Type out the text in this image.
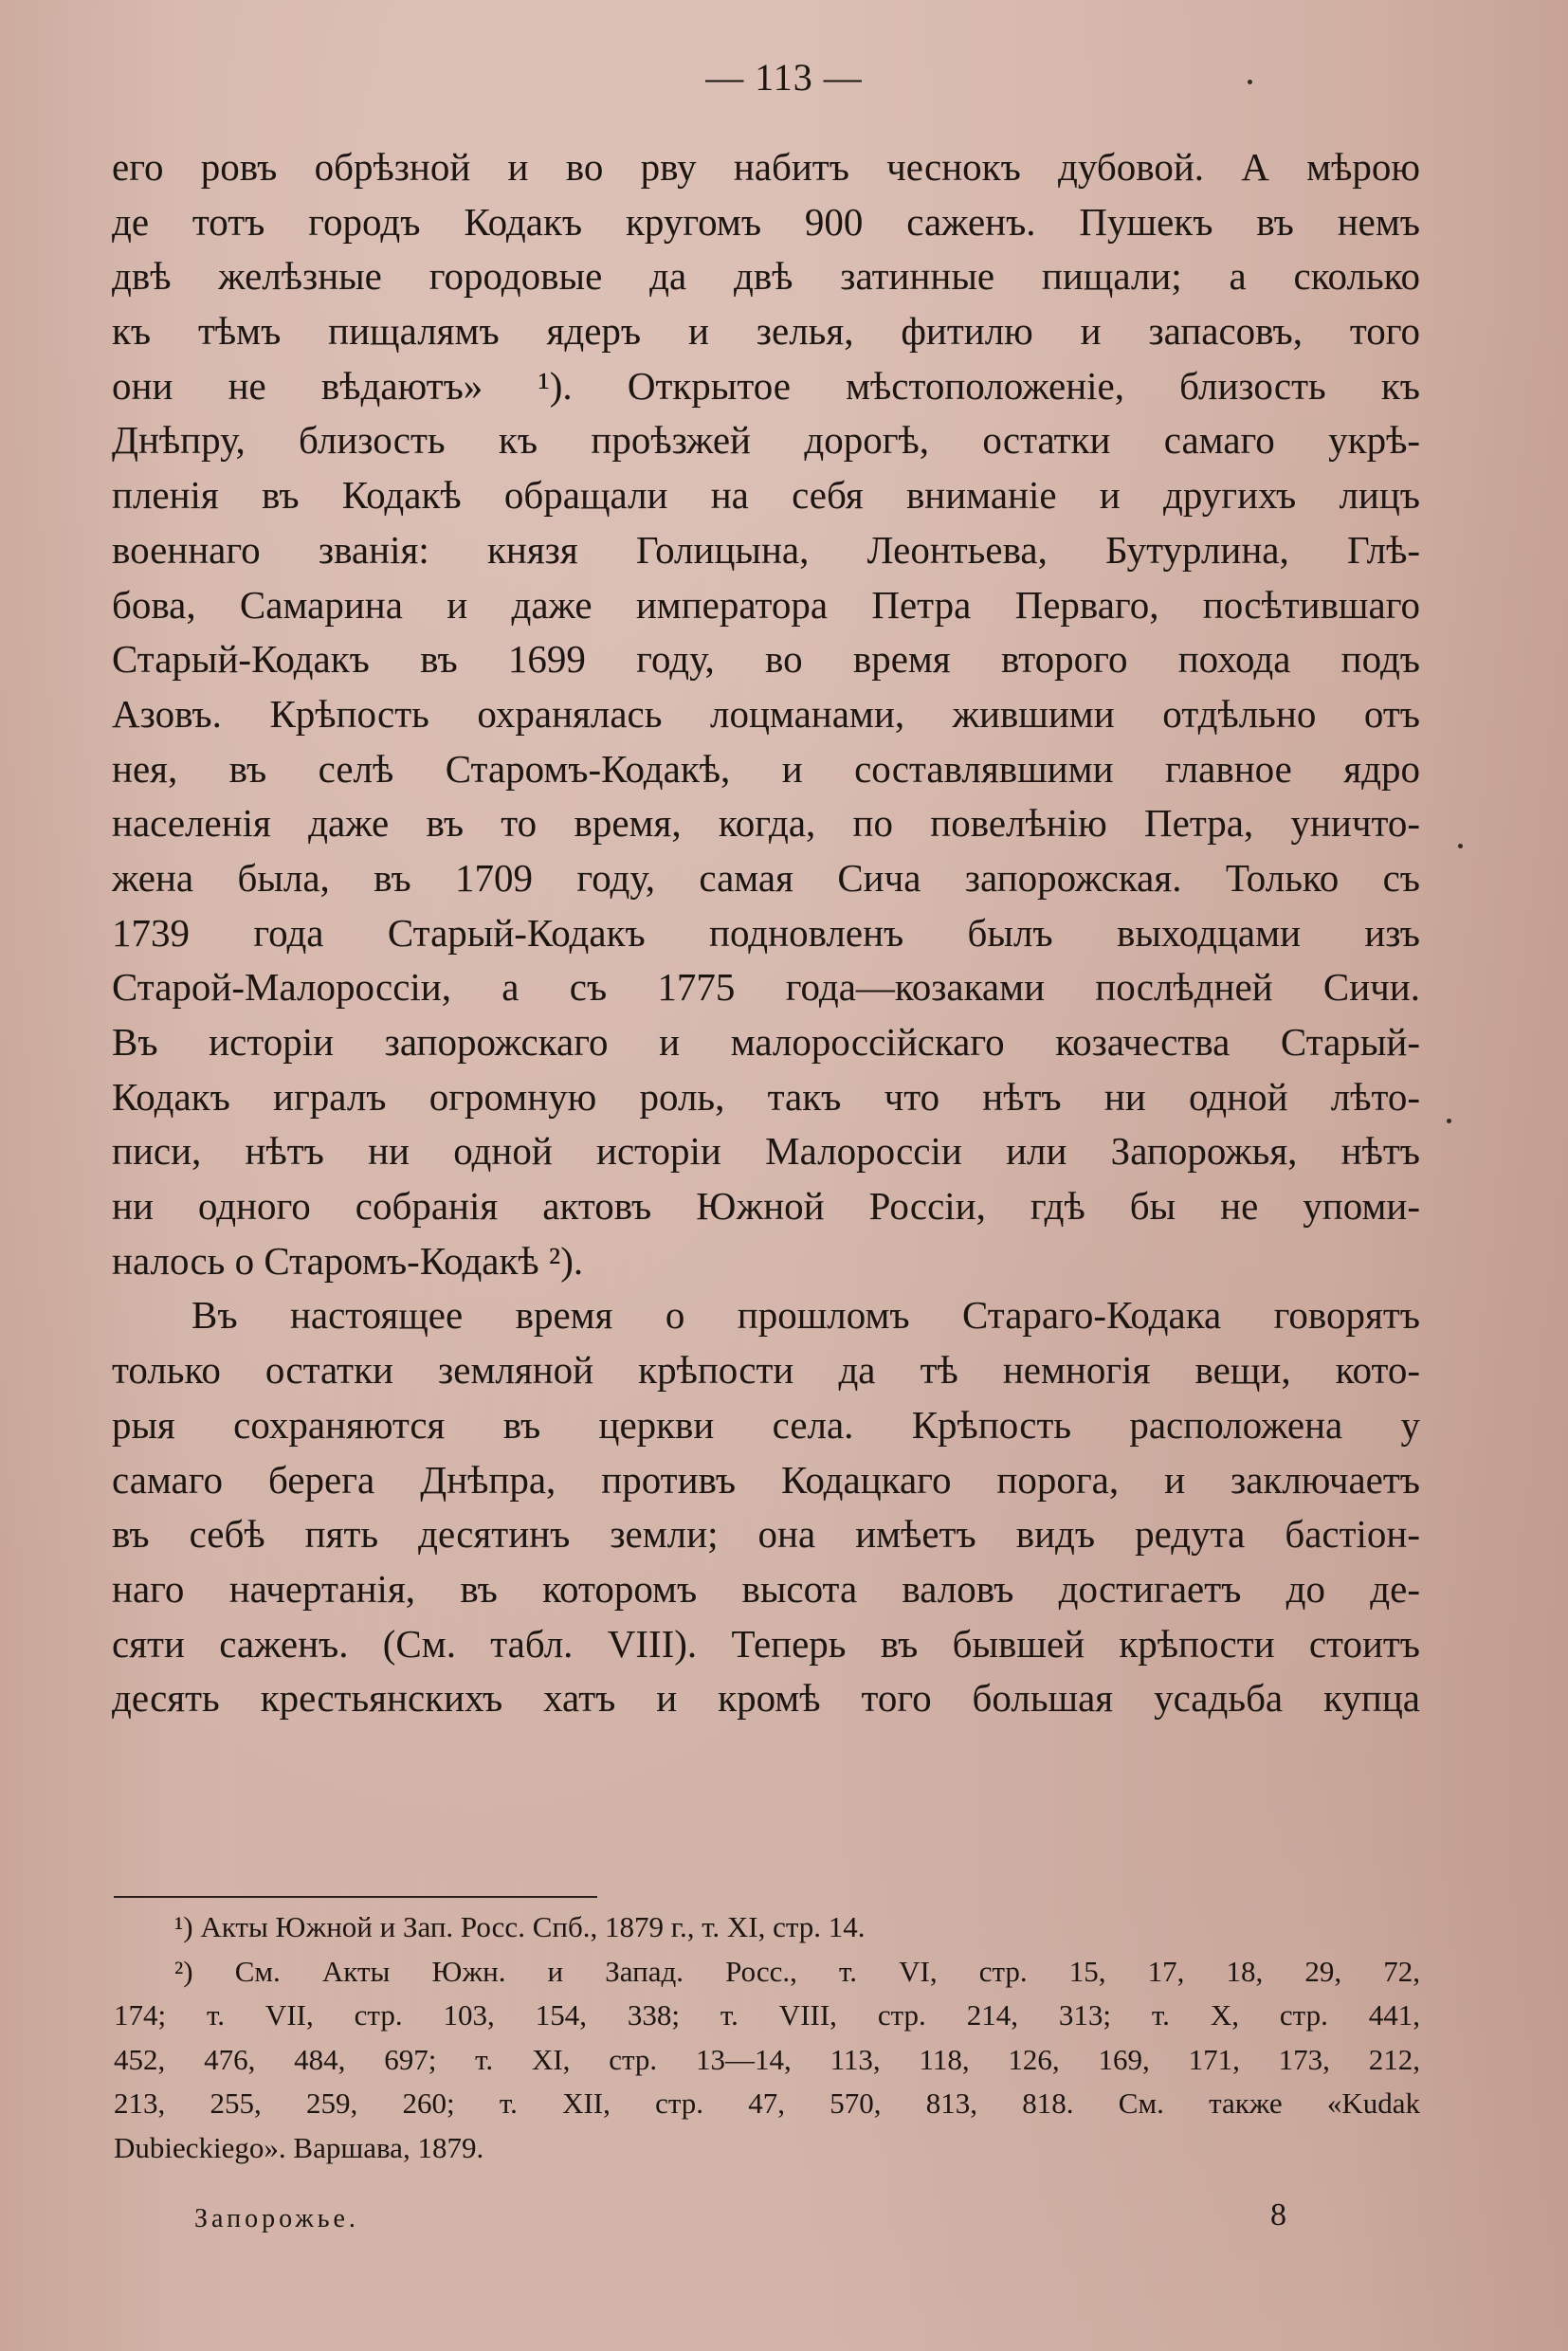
— 113 —
его ровъ обрѣзной и во рву набитъ чеснокъ дубовой. А мѣрою
де тотъ городъ Кодакъ кругомъ 900 саженъ. Пушекъ въ немъ
двѣ желѣзные городовые да двѣ затинные пищали; а сколько
къ тѣмъ пищалямъ ядеръ и зелья, фитилю и запасовъ, того
они не вѣдаютъ» ¹). Открытое мѣстоположеніе, близость къ
Днѣпру, близость къ проѣзжей дорогѣ, остатки самаго укрѣ-
пленія въ Кодакѣ обращали на себя вниманіе и другихъ лицъ
военнаго званія: князя Голицына, Леонтьева, Бутурлина, Глѣ-
бова, Самарина и даже императора Петра Перваго, посѣтившаго
Старый-Кодакъ въ 1699 году, во время второго похода подъ
Азовъ. Крѣпость охранялась лоцманами, жившими отдѣльно отъ
нея, въ селѣ Старомъ-Кодакѣ, и составлявшими главное ядро
населенія даже въ то время, когда, по повелѣнію Петра, уничто-
жена была, въ 1709 году, самая Сича запорожская. Только съ
1739 года Старый-Кодакъ подновленъ былъ выходцами изъ
Старой-Малороссіи, а съ 1775 года—козаками послѣдней Сичи.
Въ исторіи запорожскаго и малороссійскаго козачества Старый-
Кодакъ игралъ огромную роль, такъ что нѣтъ ни одной лѣто-
писи, нѣтъ ни одной исторіи Малороссіи или Запорожья, нѣтъ
ни одного собранія актовъ Южной Россіи, гдѣ бы не упоми-
налось о Старомъ-Кодакѣ ²).
Въ настоящее время о прошломъ Стараго-Кодака говорятъ
только остатки земляной крѣпости да тѣ немногія вещи, кото-
рыя сохраняются въ церкви села. Крѣпость расположена у
самаго берега Днѣпра, противъ Кодацкаго порога, и заключаетъ
въ себѣ пять десятинъ земли; она имѣетъ видъ редута бастіон-
наго начертанія, въ которомъ высота валовъ достигаетъ до де-
сяти саженъ. (См. табл. VIII). Теперь въ бывшей крѣпости стоитъ
десять крестьянскихъ хатъ и кромѣ того большая усадьба купца
¹) Акты Южной и Зап. Росс. Спб., 1879 г., т. XI, стр. 14.
²) См. Акты Южн. и Запад. Росс., т. VI, стр. 15, 17, 18, 29, 72,
174; т. VII, стр. 103, 154, 338; т. VIII, стр. 214, 313; т. X, стр. 441,
452, 476, 484, 697; т. XI, стр. 13—14, 113, 118, 126, 169, 171, 173, 212,
213, 255, 259, 260; т. XII, стр. 47, 570, 813, 818. См. также «Kudak
Dubieckiego». Варшава, 1879.
Запорожье.	8
